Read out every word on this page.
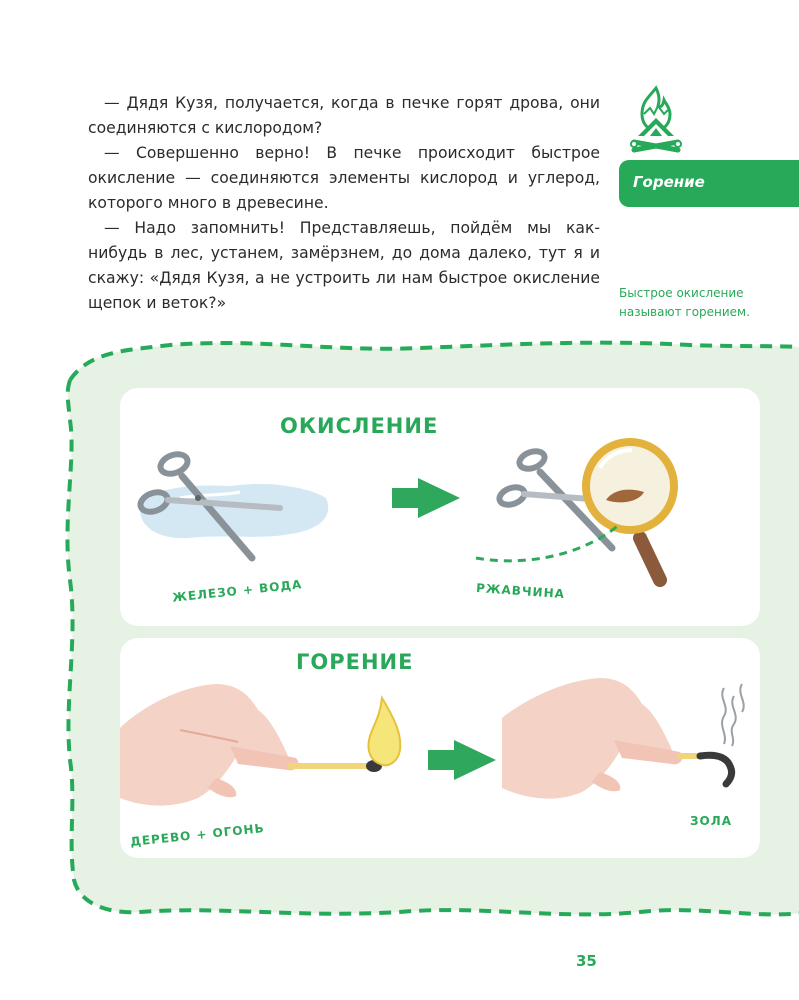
— Дядя Кузя, получается, когда в печке горят дрова, они соединяются с кислородом?

— Совершенно верно! В печке происходит быстрое окисление — соединяются элементы кислород и углерод, которого много в древесине.

— Надо запомнить! Представляешь, пойдём мы как-нибудь в лес, устанем, замёрзнем, до дома далеко, тут я и скажу: «Дядя Кузя, а не устроить ли нам быстрое окисление щепок и веток?»

Горение
Быстрое окисление называют горением.
ОКИСЛЕНИЕ
ЖЕЛЕЗО + ВОДА	РЖАВЧИНА
ГОРЕНИЕ
ДЕРЕВО + ОГОНЬ	ЗОЛА
35
